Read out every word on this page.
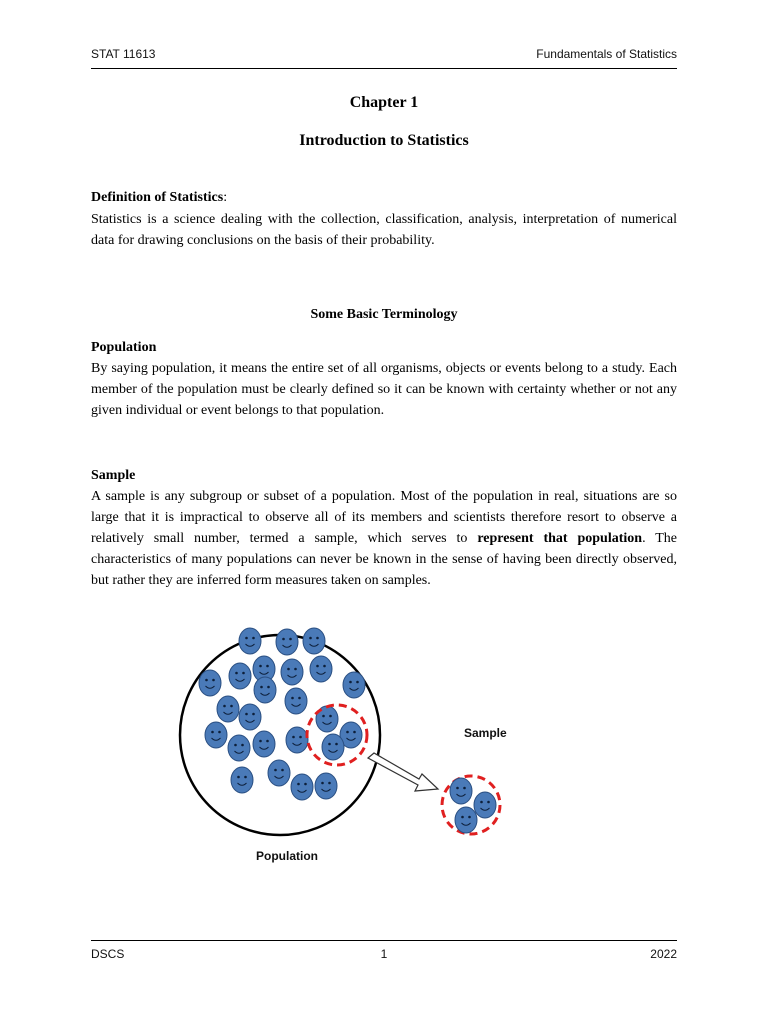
STAT 11613	Fundamentals of Statistics
Chapter 1
Introduction to Statistics
Definition of Statistics:
Statistics is a science dealing with the collection, classification, analysis, interpretation of numerical data for drawing conclusions on the basis of their probability.
Some Basic Terminology
Population
By saying population, it means the entire set of all organisms, objects or events belong to a study. Each member of the population must be clearly defined so it can be known with certainty whether or not any given individual or event belongs to that population.
Sample
A sample is any subgroup or subset of a population. Most of the population in real, situations are so large that it is impractical to observe all of its members and scientists therefore resort to observe a relatively small number, termed a sample, which serves to represent that population. The characteristics of many populations can never be known in the sense of having been directly observed, but rather they are inferred form measures taken on samples.
Sample
Population
DSCS	1	2022
